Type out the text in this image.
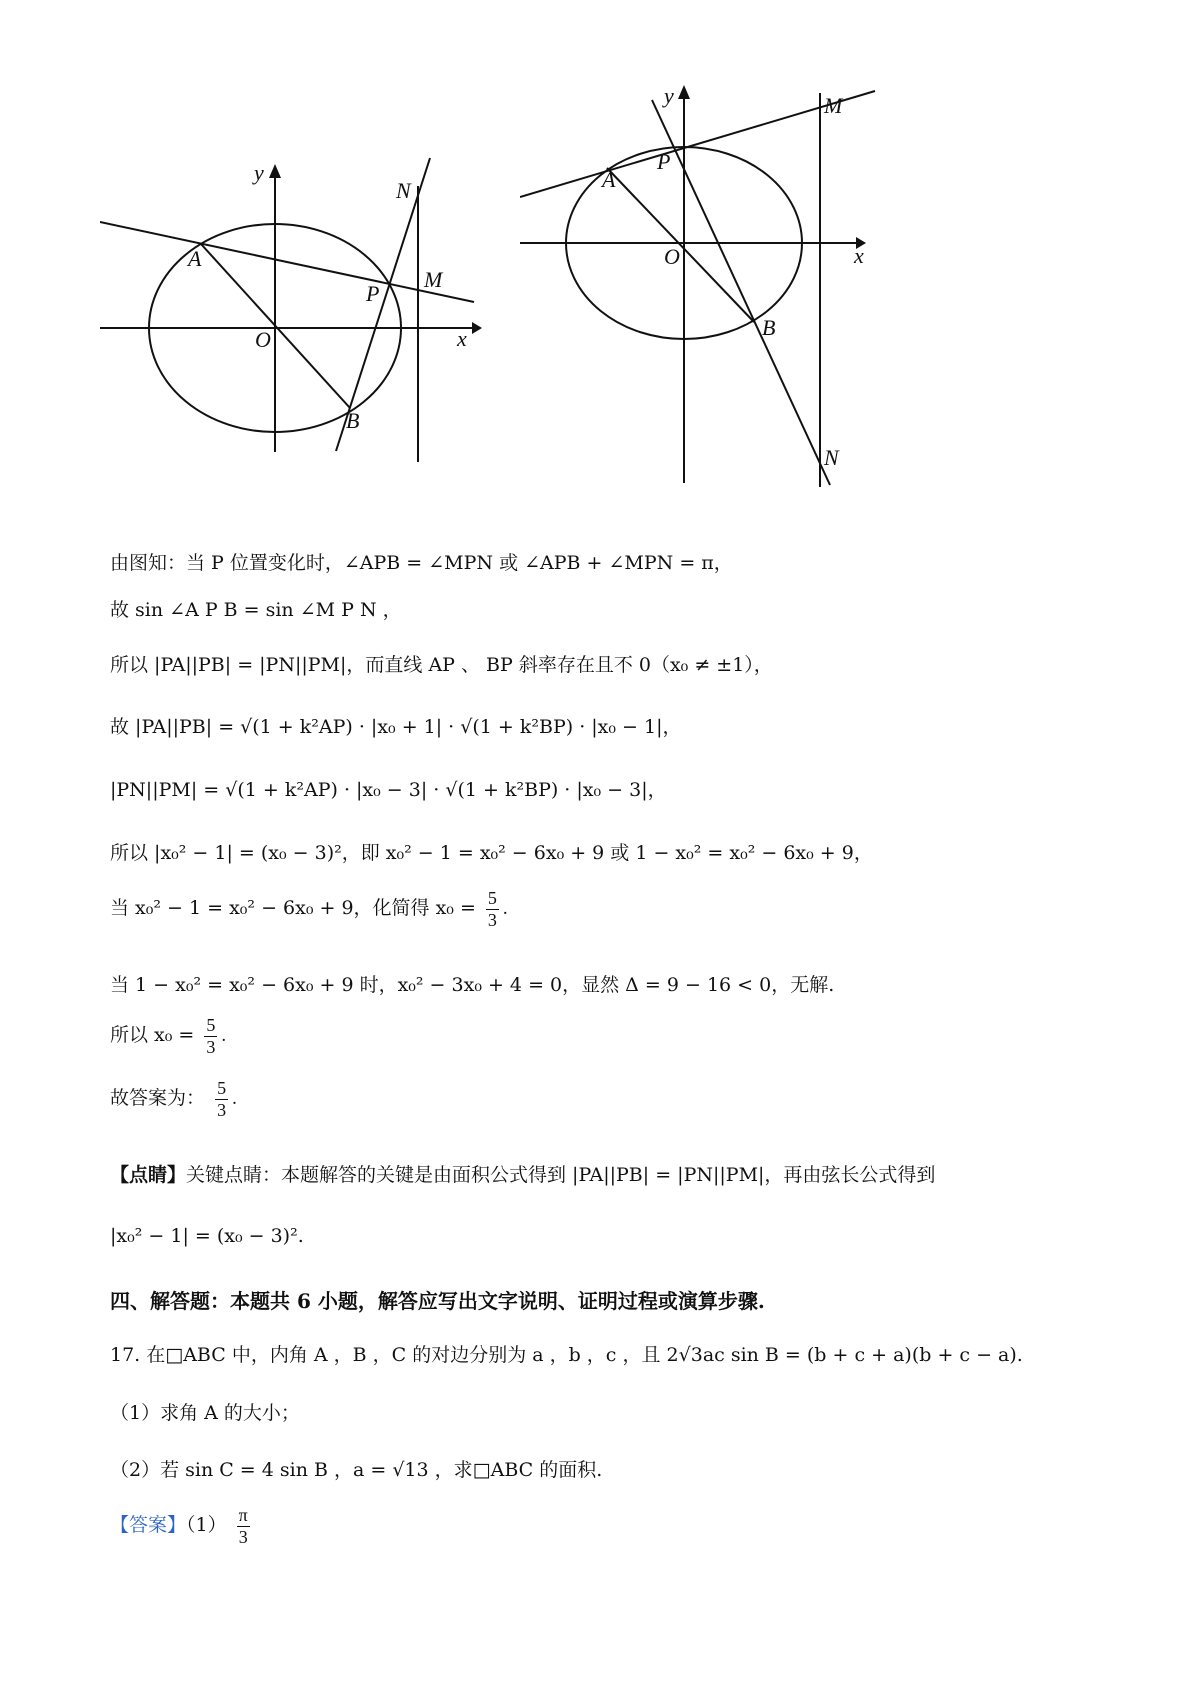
y
x
O
A
B
P
M
N
y
x
O
A
B
P
M
N
由图知：当 P 位置变化时，∠APB = ∠MPN 或 ∠APB + ∠MPN = π，
故 sin ∠A P B = sin ∠M P N ，
所以 |PA||PB| = |PN||PM|，而直线 AP 、 BP 斜率存在且不 0（x₀ ≠ ±1），
故 |PA||PB| = √(1 + k²AP) · |x₀ + 1| · √(1 + k²BP) · |x₀ − 1|，
|PN||PM| = √(1 + k²AP) · |x₀ − 3| · √(1 + k²BP) · |x₀ − 3|，
所以 |x₀² − 1| = (x₀ − 3)²，即 x₀² − 1 = x₀² − 6x₀ + 9 或 1 − x₀² = x₀² − 6x₀ + 9，
当 x₀² − 1 = x₀² − 6x₀ + 9，化简得 $x_0 = \frac{5}{3}$ .
当 1 − x₀² = x₀² − 6x₀ + 9 时，x₀² − 3x₀ + 4 = 0，显然 Δ = 9 − 16 < 0，无解.
所以 $x_0 = \frac{5}{3}$ .
故答案为： $\frac{5}{3}$ .
【点睛】关键点睛：本题解答的关键是由面积公式得到 |PA||PB| = |PN||PM|，再由弦长公式得到
|x₀² − 1| = (x₀ − 3)².
四、解答题：本题共 6 小题，解答应写出文字说明、证明过程或演算步骤.
17. 在□ABC 中，内角 A ，B ，C 的对边分别为 a ，b ，c ，且 2√3ac sin B = (b + c + a)(b + c − a).
（1）求角 A 的大小；
（2）若 sin C = 4 sin B ，a = √13 ，求□ABC 的面积.
【答案】$(1) \frac{\pi}{3}$
